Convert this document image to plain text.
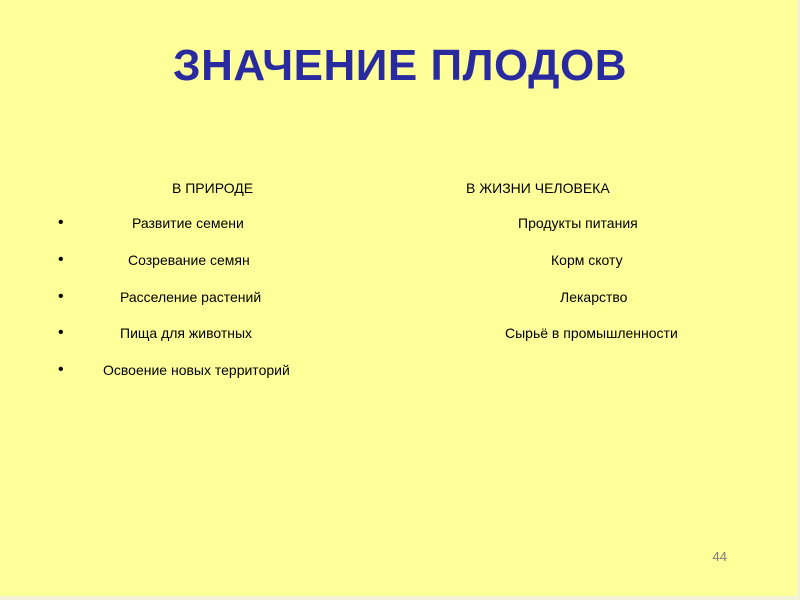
ЗНАЧЕНИЕ ПЛОДОВ
В ПРИРОДЕ	В ЖИЗНИ ЧЕЛОВЕКА
•	Развитие семени	Продукты питания
•	Созревание семян	Корм скоту
•	Расселение растений	Лекарство
•	Пища для животных	Сырьё в промышленности
•	Освоение новых территорий
44
